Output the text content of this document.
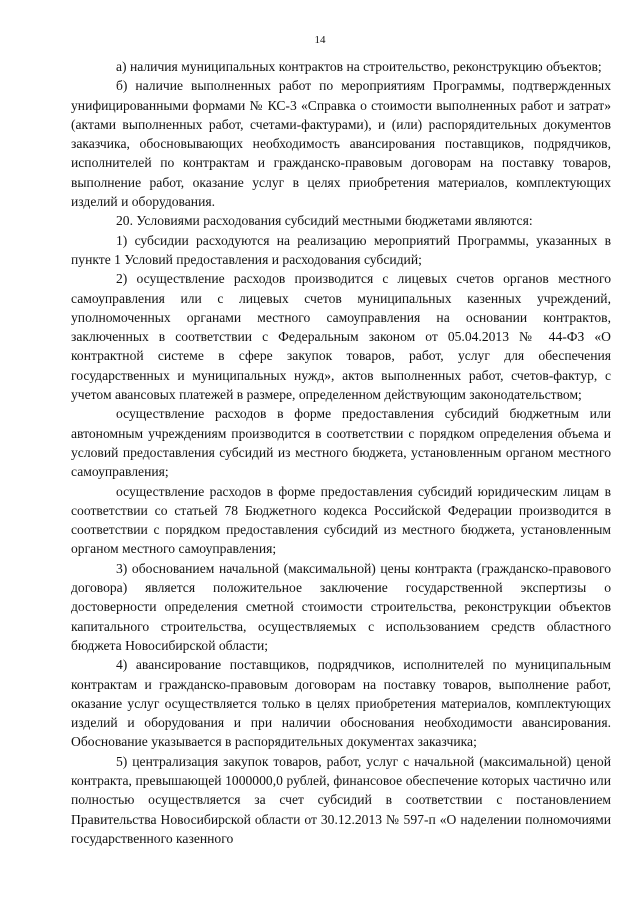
14

а) наличия муниципальных контрактов на строительство, реконструкцию объектов;

б) наличие выполненных работ по мероприятиям Программы, подтвержденных унифицированными формами № КС-3 «Справка о стоимости выполненных работ и затрат» (актами выполненных работ, счетами-фактурами), и (или) распорядительных документов заказчика, обосновывающих необходимость авансирования поставщиков, подрядчиков, исполнителей по контрактам и гражданско-правовым договорам на поставку товаров, выполнение работ, оказание услуг в целях приобретения материалов, комплектующих изделий и оборудования.

20. Условиями расходования субсидий местными бюджетами являются:

1) субсидии расходуются на реализацию мероприятий Программы, указанных в пункте 1 Условий предоставления и расходования субсидий;

2) осуществление расходов производится с лицевых счетов органов местного самоуправления или с лицевых счетов муниципальных казенных учреждений, уполномоченных органами местного самоуправления на основании контрактов, заключенных в соответствии с Федеральным законом от 05.04.2013 № 44-ФЗ «О контрактной системе в сфере закупок товаров, работ, услуг для обеспечения государственных и муниципальных нужд», актов выполненных работ, счетов-фактур, с учетом авансовых платежей в размере, определенном действующим законодательством;

осуществление расходов в форме предоставления субсидий бюджетным или автономным учреждениям производится в соответствии с порядком определения объема и условий предоставления субсидий из местного бюджета, установленным органом местного самоуправления;

осуществление расходов в форме предоставления субсидий юридическим лицам в соответствии со статьей 78 Бюджетного кодекса Российской Федерации производится в соответствии с порядком предоставления субсидий из местного бюджета, установленным органом местного самоуправления;

3) обоснованием начальной (максимальной) цены контракта (гражданско-правового договора) является положительное заключение государственной экспертизы о достоверности определения сметной стоимости строительства, реконструкции объектов капитального строительства, осуществляемых с использованием средств областного бюджета Новосибирской области;

4) авансирование поставщиков, подрядчиков, исполнителей по муниципальным контрактам и гражданско-правовым договорам на поставку товаров, выполнение работ, оказание услуг осуществляется только в целях приобретения материалов, комплектующих изделий и оборудования и при наличии обоснования необходимости авансирования. Обоснование указывается в распорядительных документах заказчика;

5) централизация закупок товаров, работ, услуг с начальной (максимальной) ценой контракта, превышающей 1000000,0 рублей, финансовое обеспечение которых частично или полностью осуществляется за счет субсидий в соответствии с постановлением Правительства Новосибирской области от 30.12.2013 № 597-п «О наделении полномочиями государственного казенного
